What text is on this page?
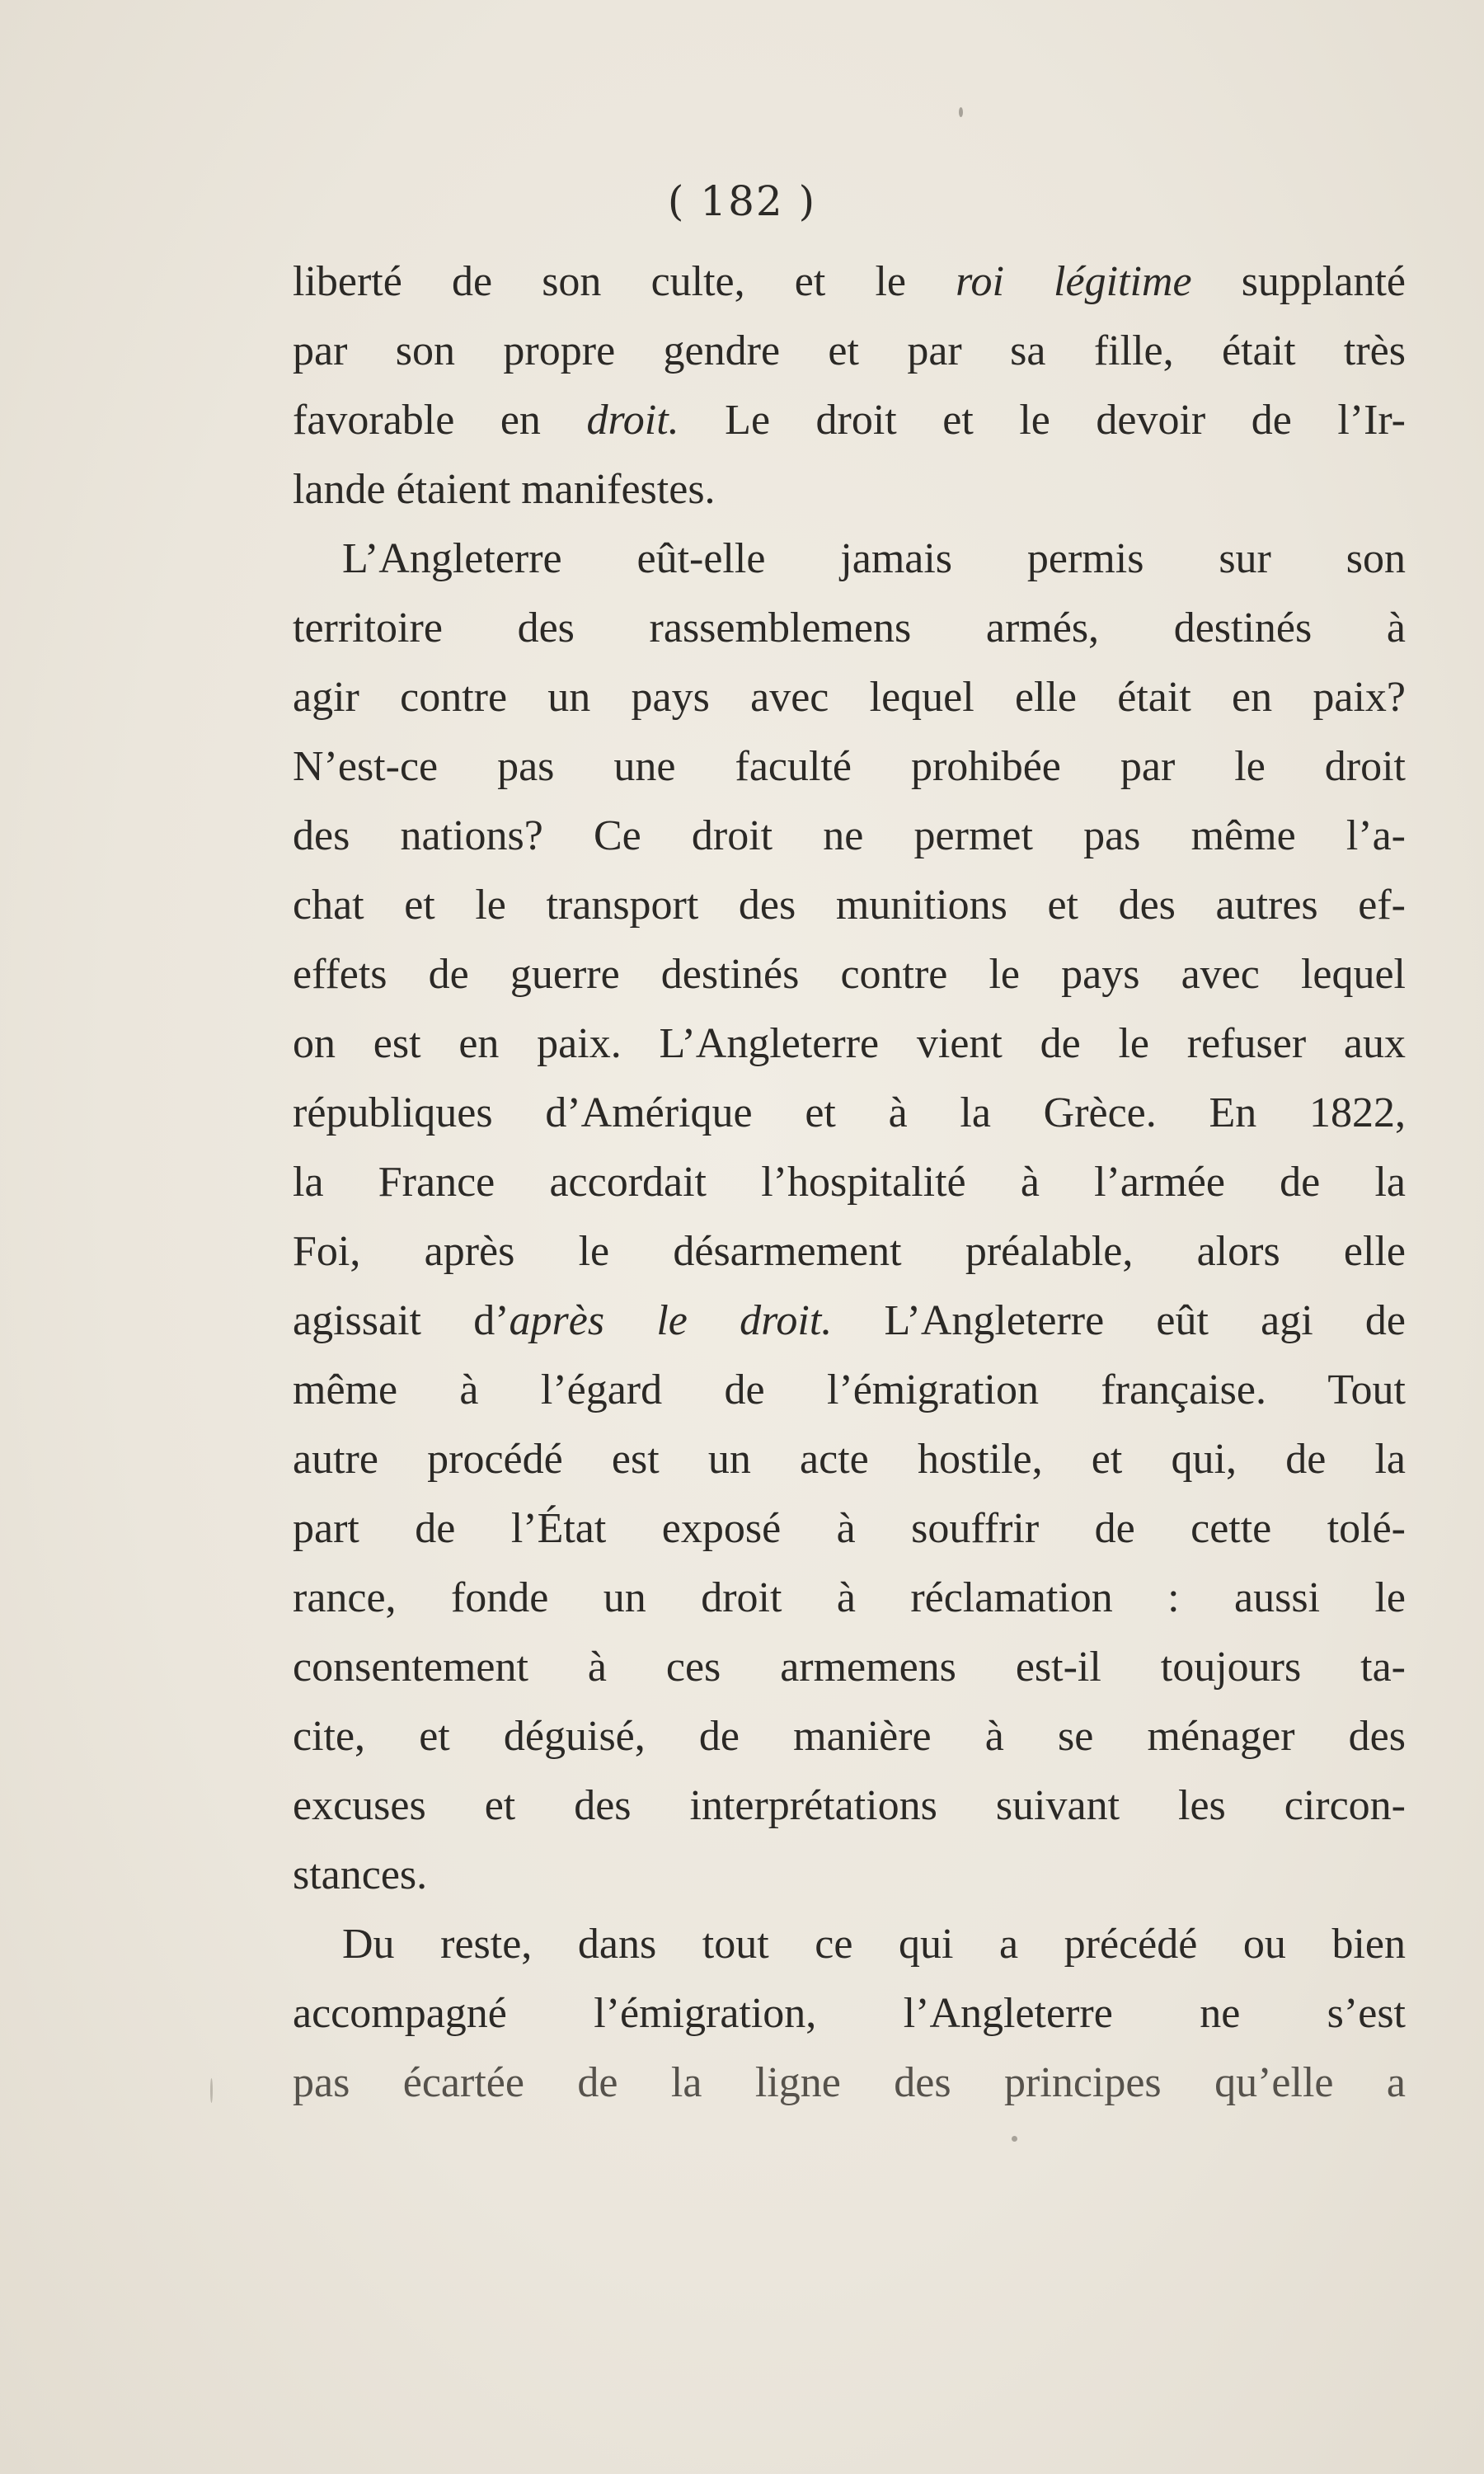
( 182 )
liberté de son culte, et le roi légitime supplanté
par son propre gendre et par sa fille, était très
favorable en droit. Le droit et le devoir de l’Ir-
lande étaient manifestes.
L’Angleterre eût-elle jamais permis sur son
territoire des rassemblemens armés, destinés à
agir contre un pays avec lequel elle était en paix?
N’est-ce pas une faculté prohibée par le droit
des nations? Ce droit ne permet pas même l’a-
chat et le transport des munitions et des autres ef-
effets de guerre destinés contre le pays avec lequel
on est en paix. L’Angleterre vient de le refuser aux
républiques d’Amérique et à la Grèce. En 1822,
la France accordait l’hospitalité à l’armée de la
Foi, après le désarmement préalable, alors elle
agissait d’après le droit. L’Angleterre eût agi de
même à l’égard de l’émigration française. Tout
autre procédé est un acte hostile, et qui, de la
part de l’État exposé à souffrir de cette tolé-
rance, fonde un droit à réclamation : aussi le
consentement à ces armemens est-il toujours ta-
cite, et déguisé, de manière à se ménager des
excuses et des interprétations suivant les circon-
stances.
Du reste, dans tout ce qui a précédé ou bien
accompagné l’émigration, l’Angleterre ne s’est
pas écartée de la ligne des principes qu’elle a
